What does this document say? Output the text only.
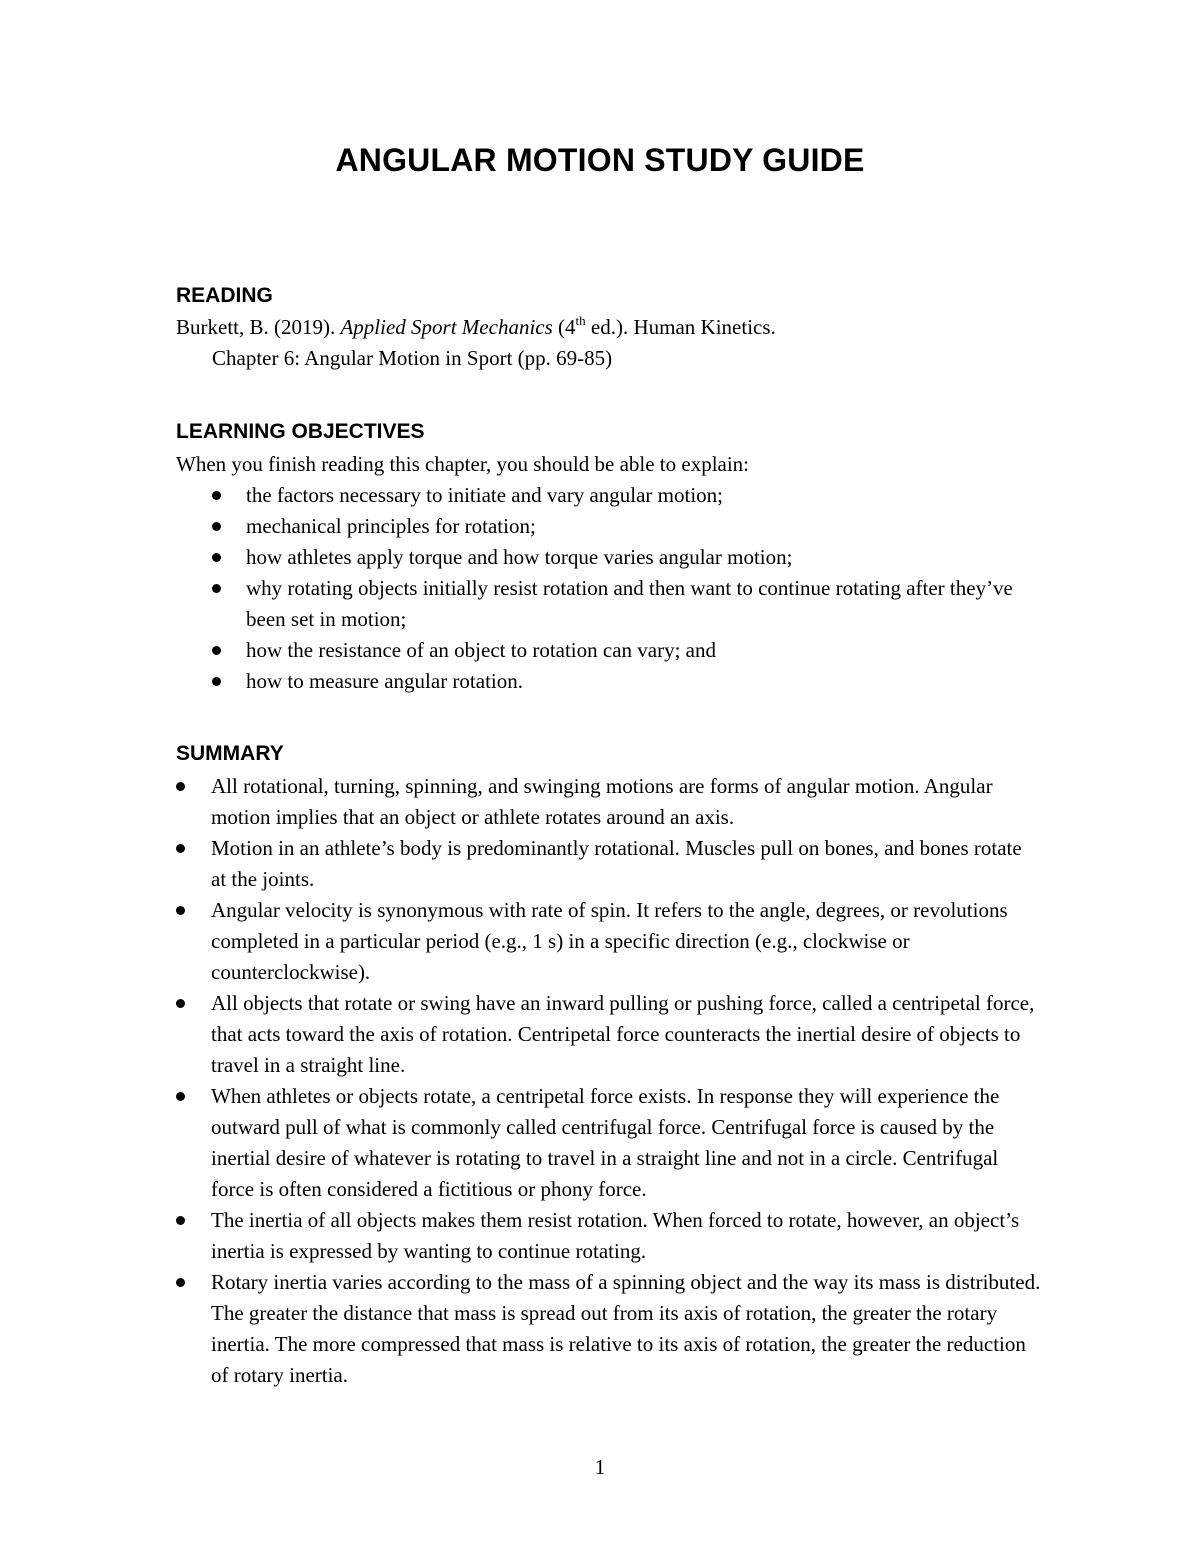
ANGULAR MOTION STUDY GUIDE
READING
Burkett, B. (2019). Applied Sport Mechanics (4th ed.). Human Kinetics.
Chapter 6: Angular Motion in Sport (pp. 69-85)
LEARNING OBJECTIVES
When you finish reading this chapter, you should be able to explain:
the factors necessary to initiate and vary angular motion;
mechanical principles for rotation;
how athletes apply torque and how torque varies angular motion;
why rotating objects initially resist rotation and then want to continue rotating after they’ve been set in motion;
how the resistance of an object to rotation can vary; and
how to measure angular rotation.
SUMMARY
All rotational, turning, spinning, and swinging motions are forms of angular motion. Angular motion implies that an object or athlete rotates around an axis.
Motion in an athlete’s body is predominantly rotational. Muscles pull on bones, and bones rotate at the joints.
Angular velocity is synonymous with rate of spin. It refers to the angle, degrees, or revolutions completed in a particular period (e.g., 1 s) in a specific direction (e.g., clockwise or counterclockwise).
All objects that rotate or swing have an inward pulling or pushing force, called a centripetal force, that acts toward the axis of rotation. Centripetal force counteracts the inertial desire of objects to travel in a straight line.
When athletes or objects rotate, a centripetal force exists. In response they will experience the outward pull of what is commonly called centrifugal force. Centrifugal force is caused by the inertial desire of whatever is rotating to travel in a straight line and not in a circle. Centrifugal force is often considered a fictitious or phony force.
The inertia of all objects makes them resist rotation. When forced to rotate, however, an object’s inertia is expressed by wanting to continue rotating.
Rotary inertia varies according to the mass of a spinning object and the way its mass is distributed. The greater the distance that mass is spread out from its axis of rotation, the greater the rotary inertia. The more compressed that mass is relative to its axis of rotation, the greater the reduction of rotary inertia.
1
